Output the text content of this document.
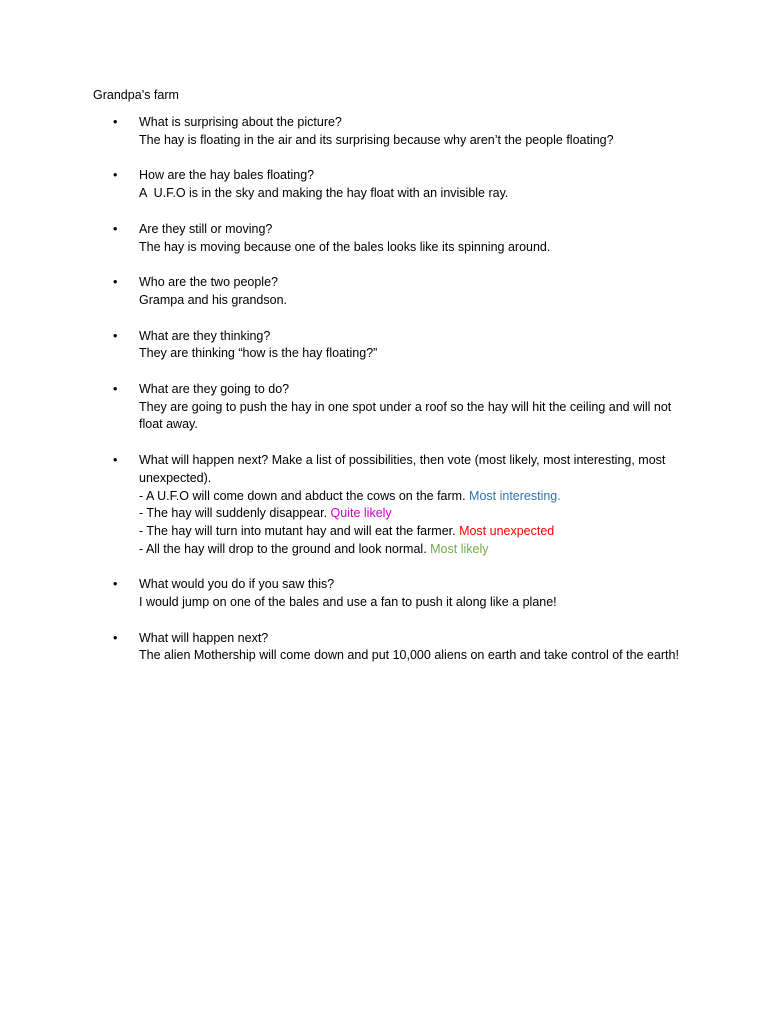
Grandpa’s farm
• What is surprising about the picture?
The hay is floating in the air and its surprising because why aren’t the people floating?
• How are the hay bales floating?
A  U.F.O is in the sky and making the hay float with an invisible ray.
• Are they still or moving?
The hay is moving because one of the bales looks like its spinning around.
• Who are the two people?
Grampa and his grandson.
• What are they thinking?
They are thinking “how is the hay floating?”
• What are they going to do?
They are going to push the hay in one spot under a roof so the hay will hit the ceiling and will not float away.
• What will happen next? Make a list of possibilities, then vote (most likely, most interesting, most unexpected).
- A U.F.O will come down and abduct the cows on the farm. Most interesting.
- The hay will suddenly disappear. Quite likely
- The hay will turn into mutant hay and will eat the farmer. Most unexpected
- All the hay will drop to the ground and look normal. Most likely
• What would you do if you saw this?
I would jump on one of the bales and use a fan to push it along like a plane!
• What will happen next?
The alien Mothership will come down and put 10,000 aliens on earth and take control of the earth!
